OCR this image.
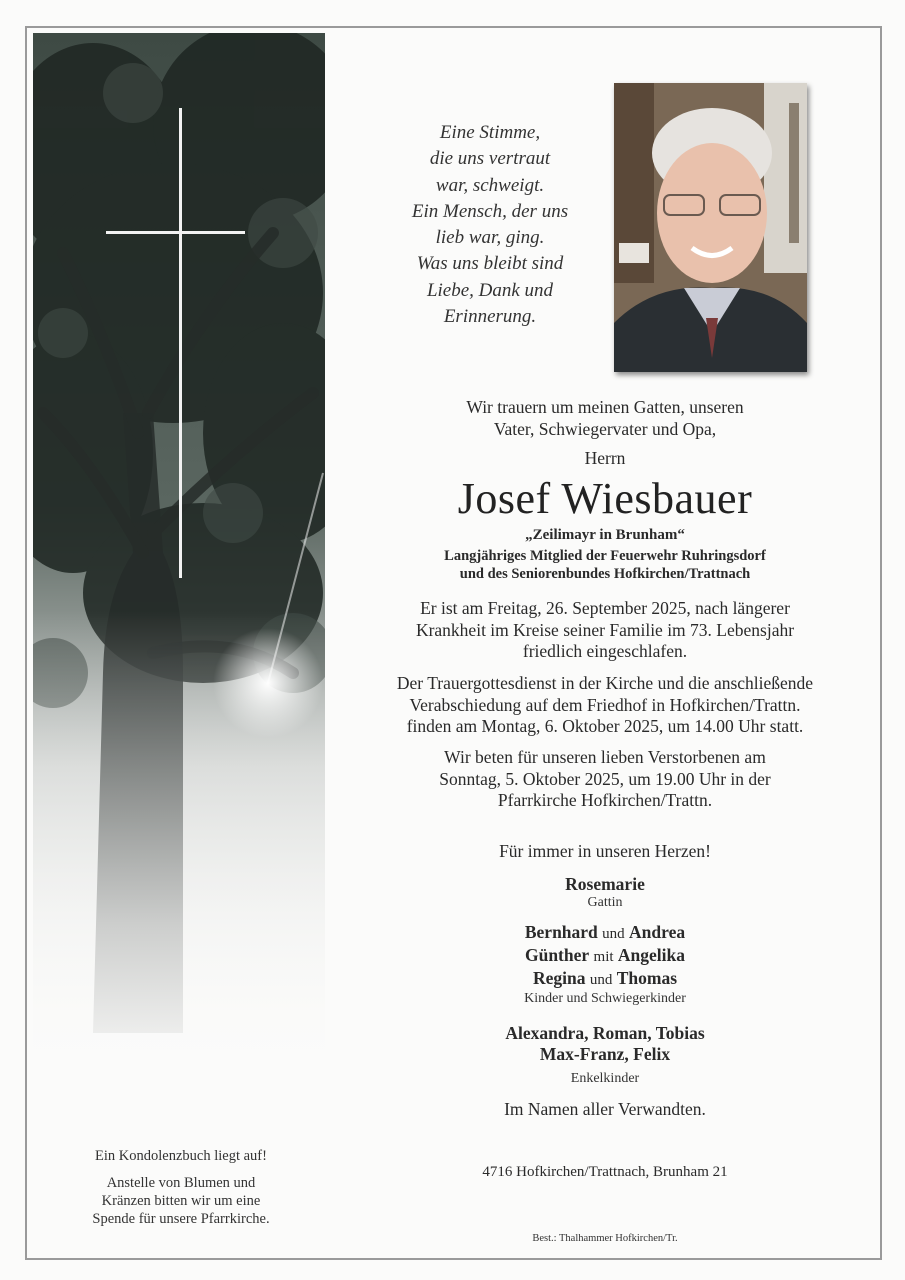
Eine Stimme,
die uns vertraut
war, schweigt.
Ein Mensch, der uns
lieb war, ging.
Was uns bleibt sind
Liebe, Dank und
Erinnerung.
Wir trauern um meinen Gatten, unseren
Vater, Schwiegervater und Opa,
Herrn
Josef Wiesbauer
„Zeilimayr in Brunham“
Langjähriges Mitglied der Feuerwehr Ruhringsdorf
und des Seniorenbundes Hofkirchen/Trattnach
Er ist am Freitag, 26. September 2025, nach längerer
Krankheit im Kreise seiner Familie im 73. Lebensjahr
friedlich eingeschlafen.
Der Trauergottesdienst in der Kirche und die anschließende
Verabschiedung auf dem Friedhof in Hofkirchen/Trattn.
finden am Montag, 6. Oktober 2025, um 14.00 Uhr statt.
Wir beten für unseren lieben Verstorbenen am
Sonntag, 5. Oktober 2025, um 19.00 Uhr in der
Pfarrkirche Hofkirchen/Trattn.
Für immer in unseren Herzen!
Rosemarie
Gattin
Bernhard und Andrea
Günther mit Angelika
Regina und Thomas
Kinder und Schwiegerkinder
Alexandra, Roman, Tobias
Max-Franz, Felix
Enkelkinder
Im Namen aller Verwandten.
4716 Hofkirchen/Trattnach, Brunham 21
Ein Kondolenzbuch liegt auf!
Anstelle von Blumen und
Kränzen bitten wir um eine
Spende für unsere Pfarrkirche.
Best.: Thalhammer Hofkirchen/Tr.
